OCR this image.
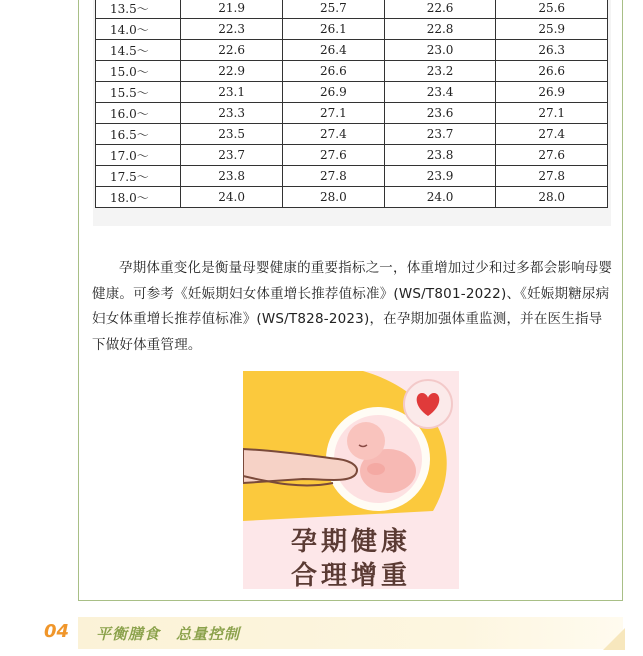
13.5～	21.9	25.7	22.6	25.6
14.0～	22.3	26.1	22.8	25.9
14.5～	22.6	26.4	23.0	26.3
15.0～	22.9	26.6	23.2	26.6
15.5～	23.1	26.9	23.4	26.9
16.0～	23.3	27.1	23.6	27.1
16.5～	23.5	27.4	23.7	27.4
17.0～	23.7	27.6	23.8	27.6
17.5～	23.8	27.8	23.9	27.8
18.0～	24.0	28.0	24.0	28.0

孕期体重变化是衡量母婴健康的重要指标之一，体重增加过少和过多都会影响母婴健康。可参考《妊娠期妇女体重增长推荐值标准》(WS/T801-2022)、《妊娠期糖尿病妇女体重增长推荐值标准》(WS/T828-2023)，在孕期加强体重监测，并在医生指导下做好体重管理。

孕期健康
合理增重
04 平衡膳食　总量控制
